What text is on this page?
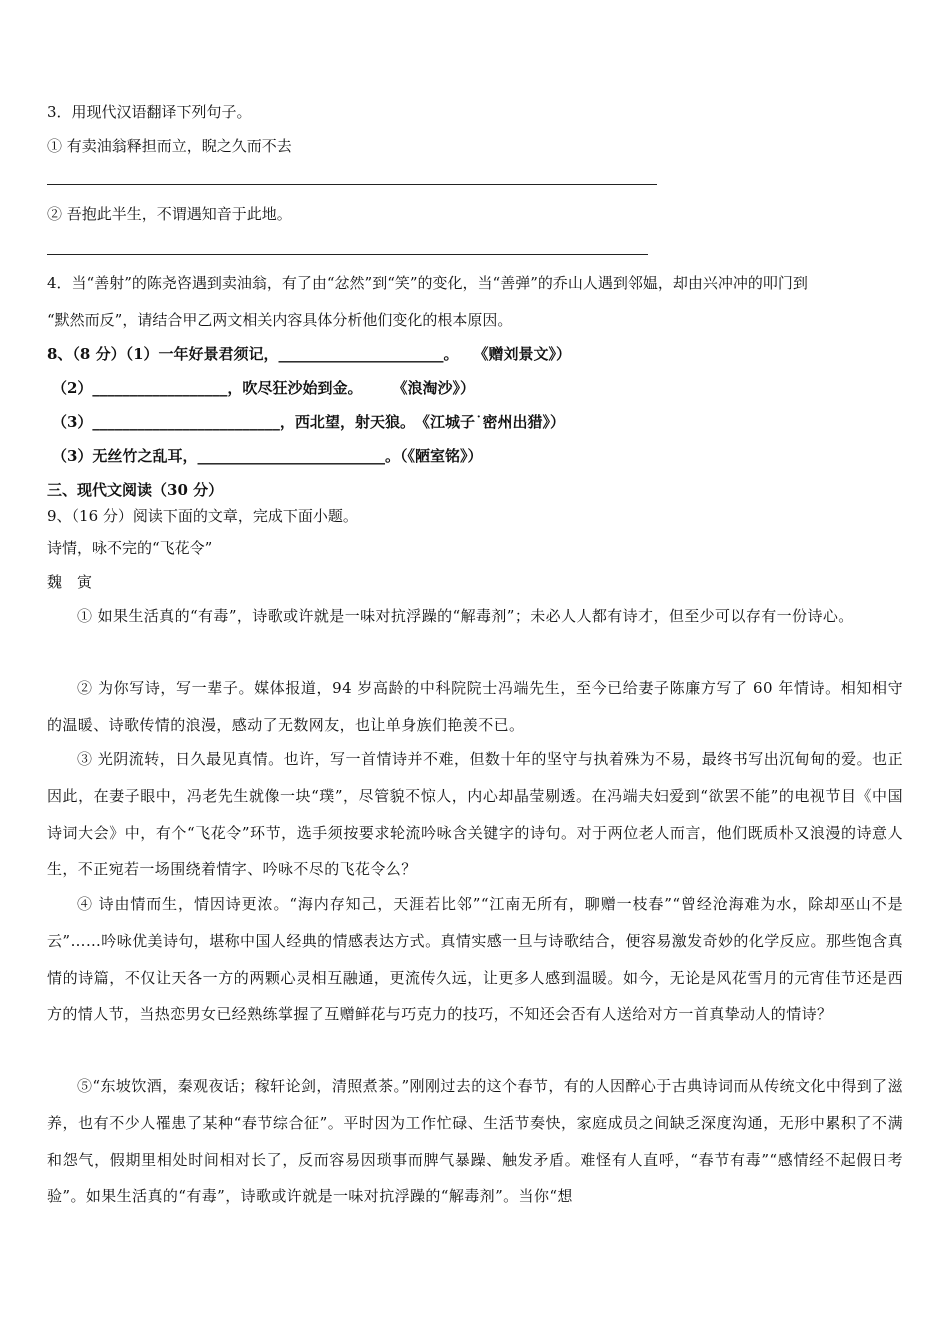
3．用现代汉语翻译下列句子。
① 有卖油翁释担而立，睨之久而不去
② 吾抱此半生，不谓遇知音于此地。
4．当“善射”的陈尧咨遇到卖油翁，有了由“忿然”到“笑”的变化，当“善弹”的乔山人遇到邻媪，却由兴冲冲的叩门到
“默然而反”，请结合甲乙两文相关内容具体分析他们变化的根本原因。
8、（8 分）（1）一年好景君须记，______________________。　　《赠刘景文》）
（2）__________________，吹尽狂沙始到金。　　　《浪淘沙》）
（3）_________________________，西北望，射天狼。　《江城子˙密州出猎》）
（3）无丝竹之乱耳，_________________________。（《陋室铭》）
三、现代文阅读（30 分）
9、（16 分）阅读下面的文章，完成下面小题。
诗情，咏不完的“飞花令”
魏　寅
① 如果生活真的“有毒”，诗歌或许就是一味对抗浮躁的“解毒剂”；未必人人都有诗才，但至少可以存有一份诗心。
② 为你写诗，写一辈子。媒体报道，94 岁高龄的中科院院士冯端先生，至今已给妻子陈廉方写了 60 年情诗。相知相守的温暖、诗歌传情的浪漫，感动了无数网友，也让单身族们艳羡不已。
③ 光阴流转，日久最见真情。也许，写一首情诗并不难，但数十年的坚守与执着殊为不易，最终书写出沉甸甸的爱。也正因此，在妻子眼中，冯老先生就像一块“璞”，尽管貌不惊人，内心却晶莹剔透。在冯端夫妇爱到“欲罢不能”的电视节目《中国诗词大会》中，有个“飞花令”环节，选手须按要求轮流吟咏含关键字的诗句。对于两位老人而言，他们既质朴又浪漫的诗意人生，不正宛若一场围绕着情字、吟咏不尽的飞花令么？
④ 诗由情而生，情因诗更浓。“海内存知己，天涯若比邻”“江南无所有，聊赠一枝春”“曾经沧海难为水，除却巫山不是云”……吟咏优美诗句，堪称中国人经典的情感表达方式。真情实感一旦与诗歌结合，便容易激发奇妙的化学反应。那些饱含真情的诗篇，不仅让天各一方的两颗心灵相互融通，更流传久远，让更多人感到温暖。如今，无论是风花雪月的元宵佳节还是西方的情人节，当热恋男女已经熟练掌握了互赠鲜花与巧克力的技巧，不知还会否有人送给对方一首真挚动人的情诗？
⑤“东坡饮酒，秦观夜话；稼轩论剑，清照煮茶。”刚刚过去的这个春节，有的人因醉心于古典诗词而从传统文化中得到了滋养，也有不少人罹患了某种“春节综合征”。平时因为工作忙碌、生活节奏快，家庭成员之间缺乏深度沟通，无形中累积了不满和怨气，假期里相处时间相对长了，反而容易因琐事而脾气暴躁、触发矛盾。难怪有人直呼，“春节有毒”“感情经不起假日考验”。如果生活真的“有毒”，诗歌或许就是一味对抗浮躁的“解毒剂”。当你“想
